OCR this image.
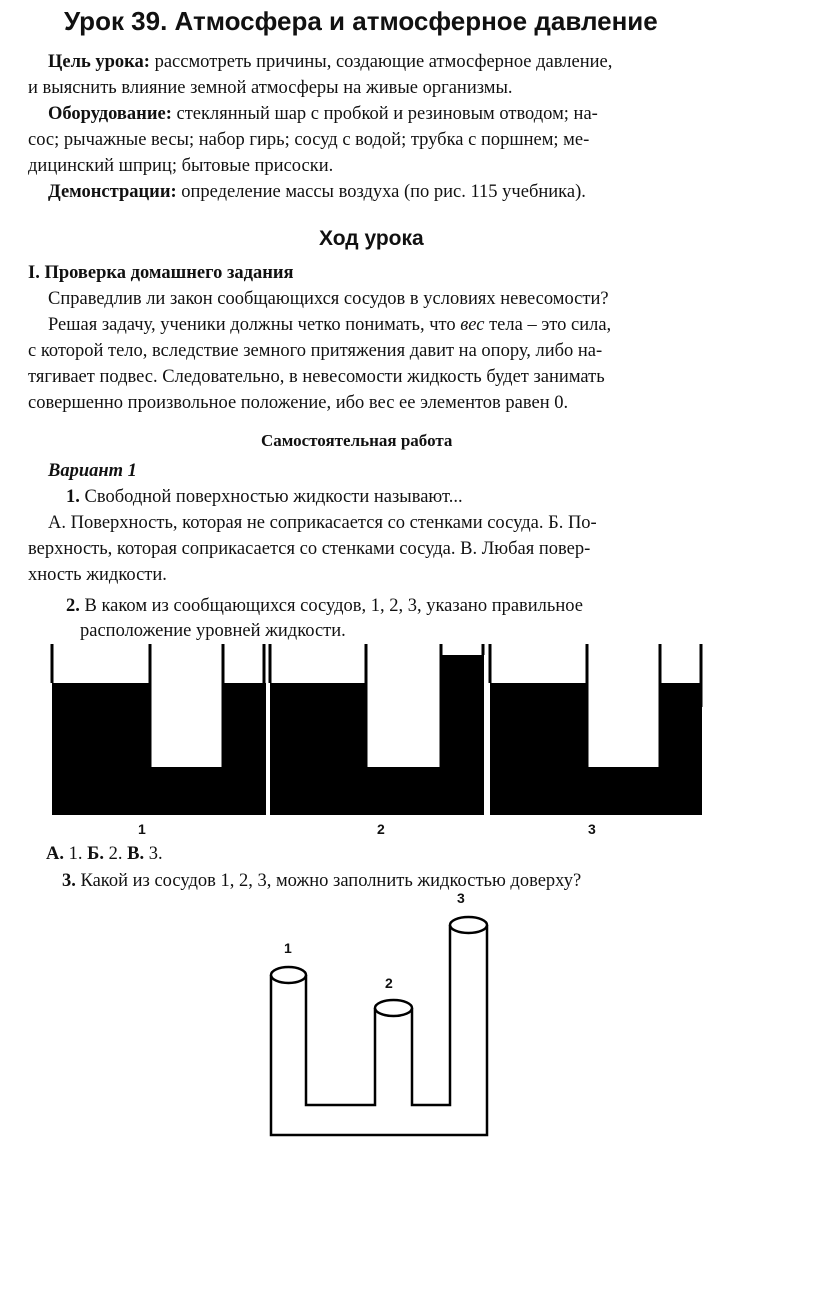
Урок 39. Атмосфера и атмосферное давление
Цель урока: рассмотреть причины, создающие атмосферное давление,
и выяснить влияние земной атмосферы на живые организмы.
Оборудование: стеклянный шар с пробкой и резиновым отводом; на-
сос; рычажные весы; набор гирь; сосуд с водой; трубка с поршнем; ме-
дицинский шприц; бытовые присоски.
Демонстрации: определение массы воздуха (по рис. 115 учебника).
Ход урока
I. Проверка домашнего задания
Справедлив ли закон сообщающихся сосудов в условиях невесомости?
Решая задачу, ученики должны четко понимать, что вес тела – это сила,
с которой тело, вследствие земного притяжения давит на опору, либо на-
тягивает подвес. Следовательно, в невесомости жидкость будет занимать
совершенно произвольное положение, ибо вес ее элементов равен 0.
Самостоятельная работа
Вариант 1
1. Свободной поверхностью жидкости называют...
А. Поверхность, которая не соприкасается со стенками сосуда. Б. По-
верхность, которая соприкасается со стенками сосуда. В. Любая повер-
хность жидкости.
2. В каком из сообщающихся сосудов, 1, 2, 3, указано правильное
расположение уровней жидкости.
1	2	3
А. 1. Б. 2. В. 3.
3. Какой из сосудов 1, 2, 3, можно заполнить жидкостью доверху?
1
2
3
